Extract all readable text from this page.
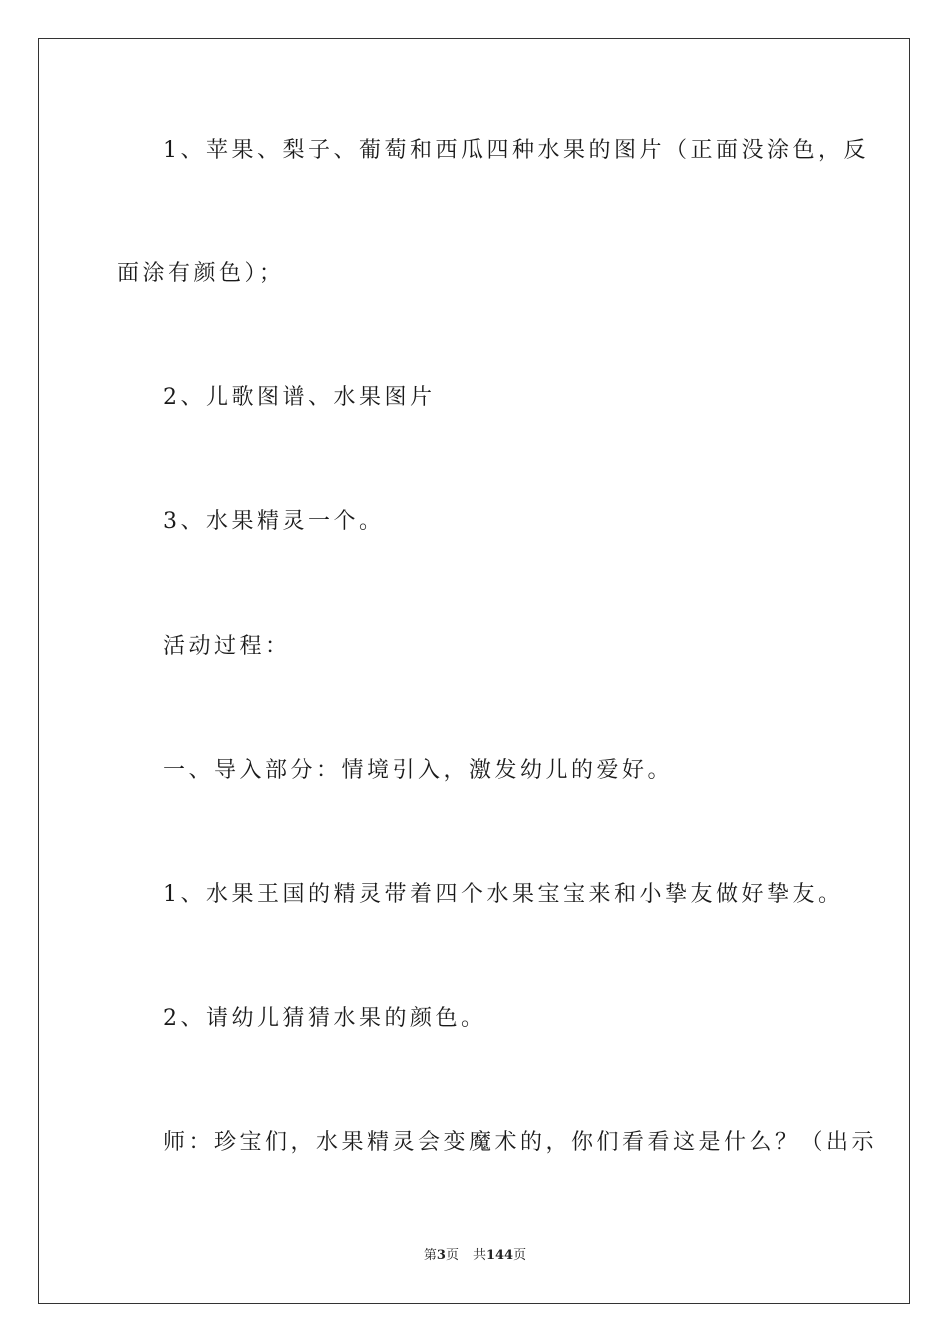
1、苹果、梨子、葡萄和西瓜四种水果的图片（正面没涂色，反
面涂有颜色）；
2、儿歌图谱、水果图片
3、水果精灵一个。
活动过程：
一、导入部分：情境引入，激发幼儿的爱好。
1、水果王国的精灵带着四个水果宝宝来和小挚友做好挚友。
2、请幼儿猜猜水果的颜色。
师：珍宝们，水果精灵会变魔术的，你们看看这是什么？（出示
第3页 共144页
